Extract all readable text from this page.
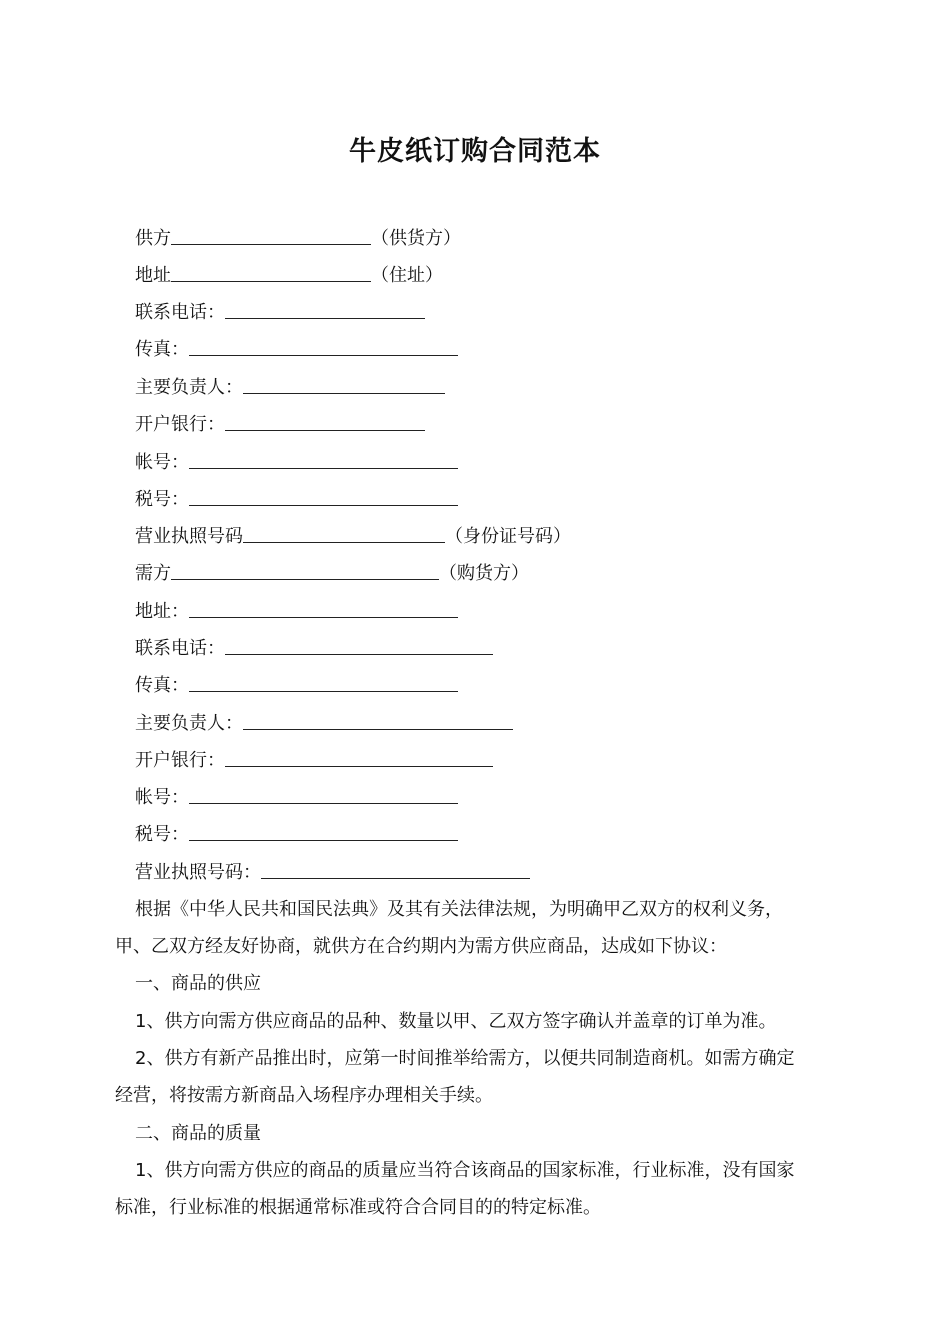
牛皮纸订购合同范本
供方	（供货方）
地址	（住址）
联系电话：
传真：
主要负责人：
开户银行：
帐号：
税号：
营业执照号码	（身份证号码）
需方	（购货方）
地址：
联系电话：
传真：
主要负责人：
开户银行：
帐号：
税号：
营业执照号码：
根据《中华人民共和国民法典》及其有关法律法规，为明确甲乙双方的权利义务，
甲、乙双方经友好协商，就供方在合约期内为需方供应商品，达成如下协议：
一、商品的供应
1、供方向需方供应商品的品种、数量以甲、乙双方签字确认并盖章的订单为准。
2、供方有新产品推出时，应第一时间推举给需方，以便共同制造商机。如需方确定
经营，将按需方新商品入场程序办理相关手续。
二、商品的质量
1、供方向需方供应的商品的质量应当符合该商品的国家标准，行业标准，没有国家
标准，行业标准的根据通常标准或符合合同目的的特定标准。
